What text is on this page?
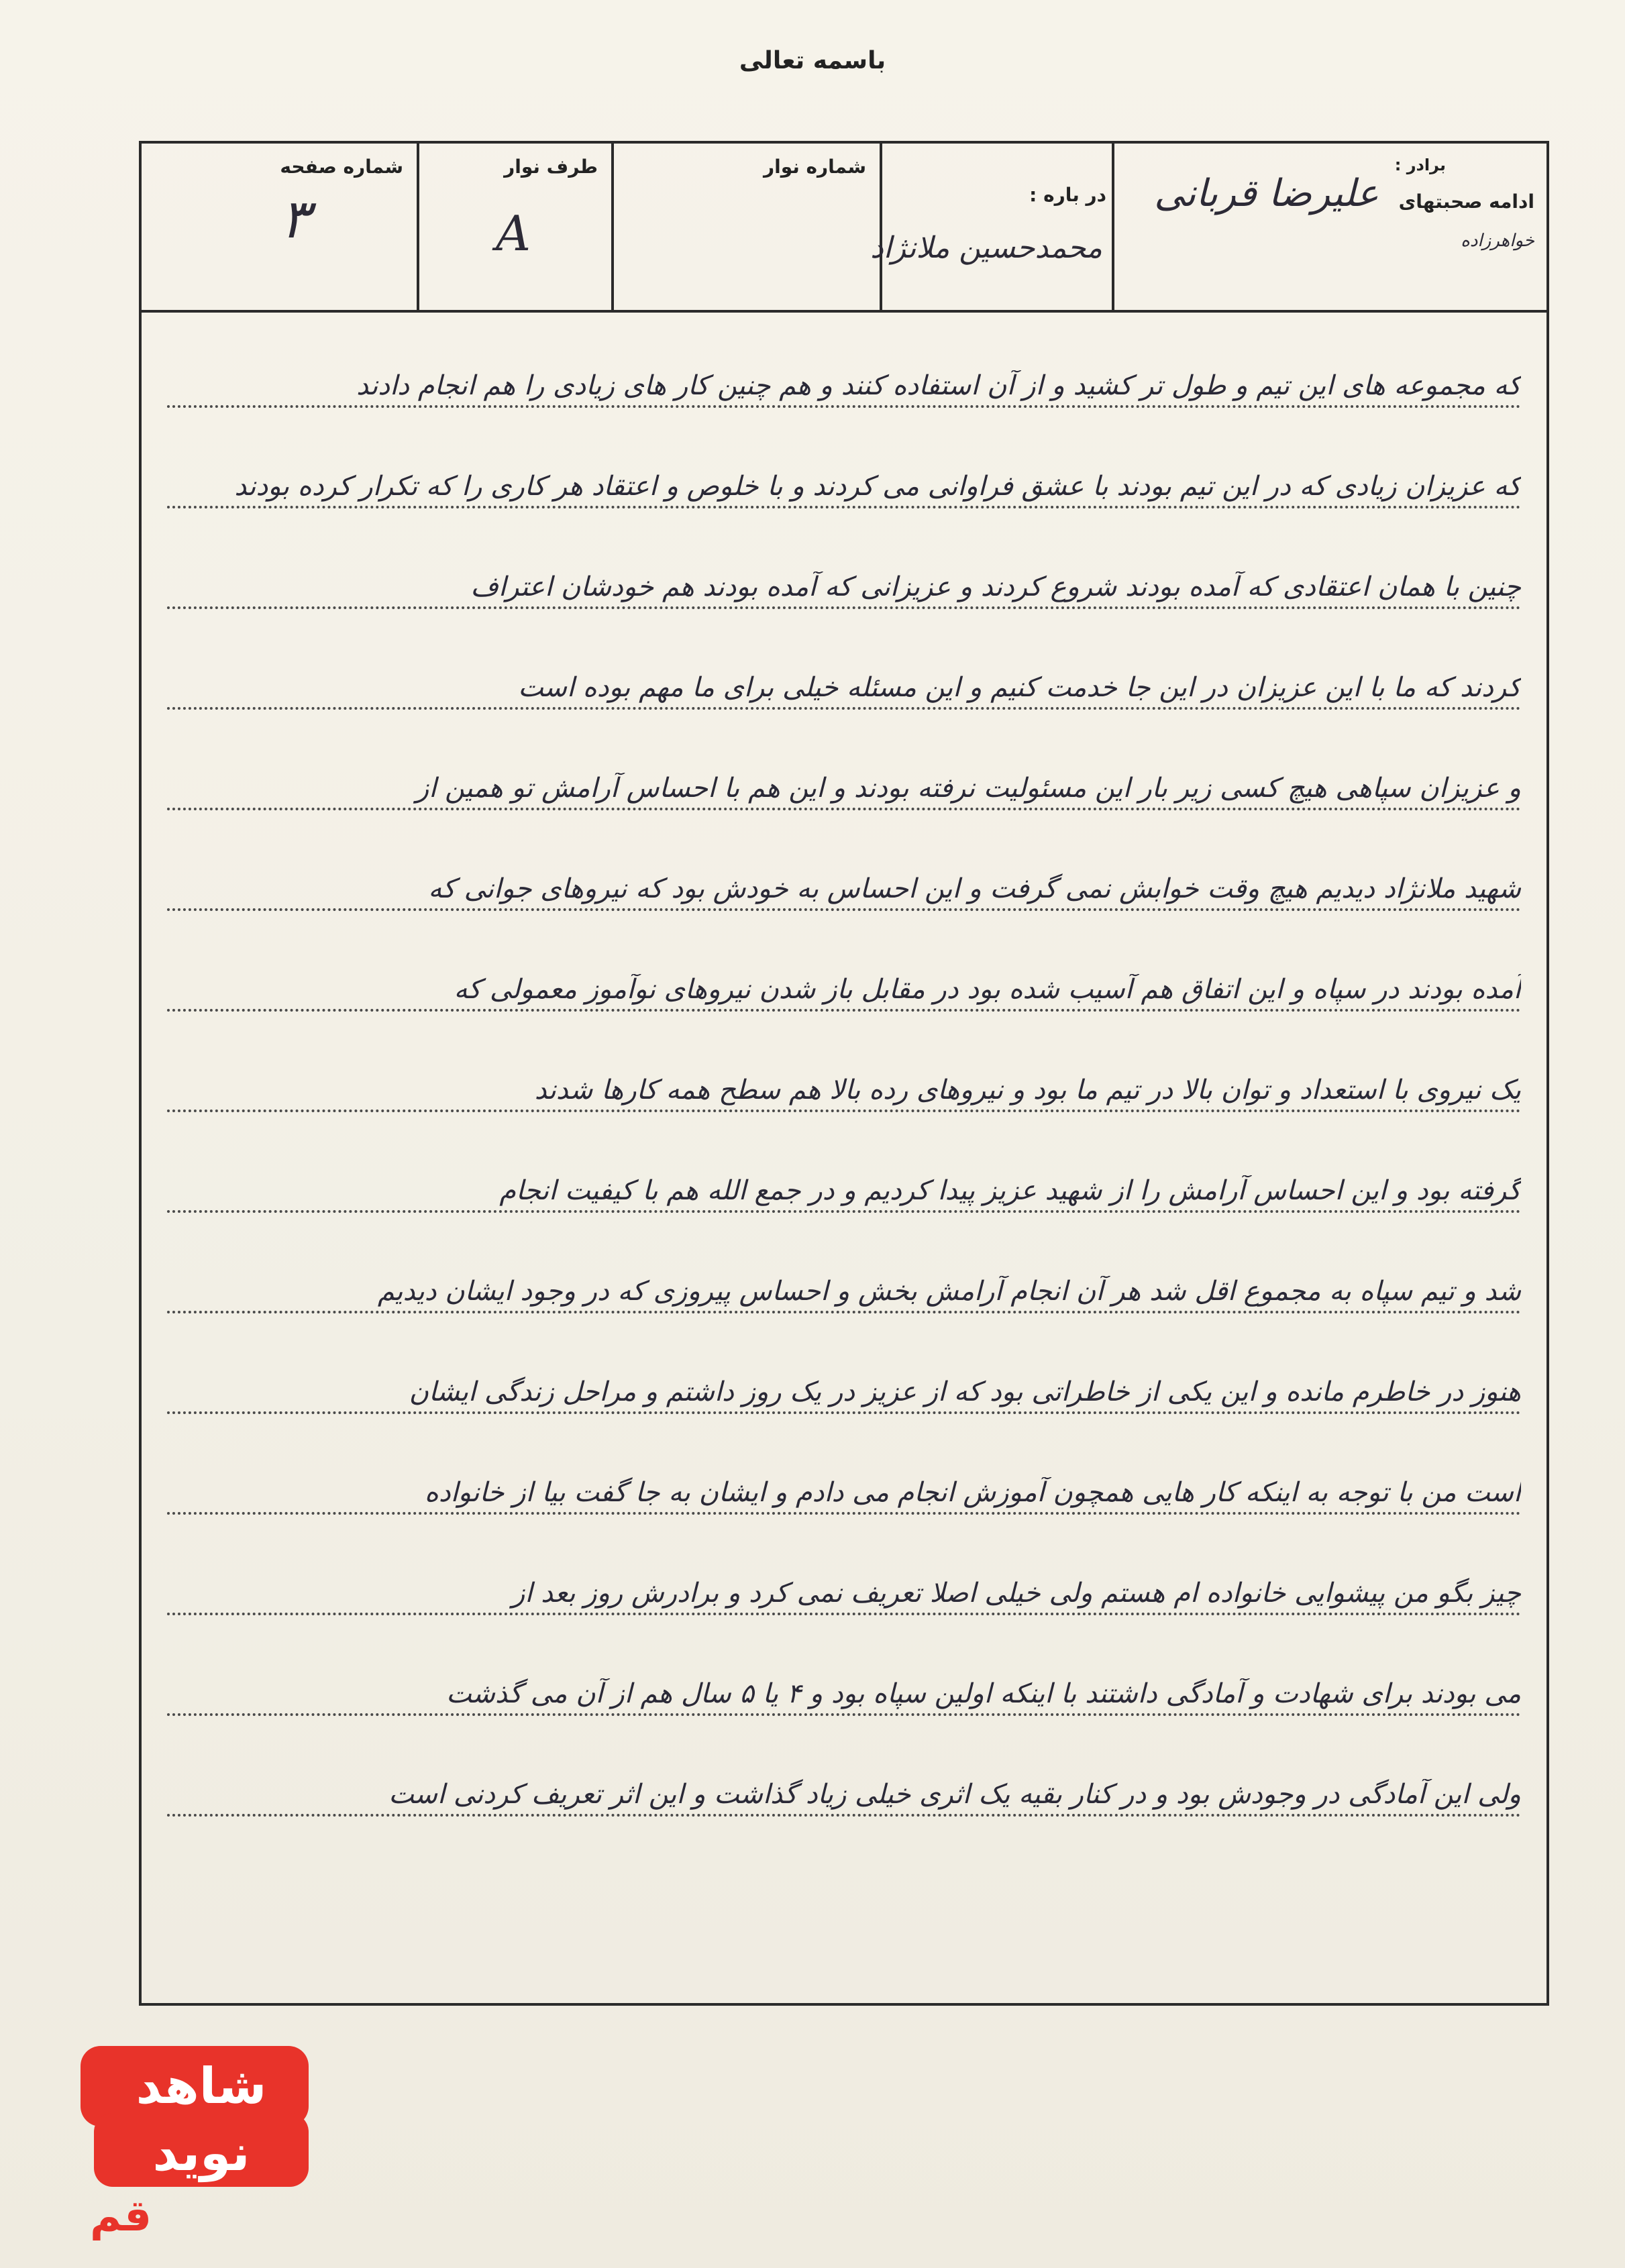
باسمه تعالی
برادر :
ادامه صحبتهای
علیرضا قربانی
خواهرزاده
در باره :
محمدحسین ملانژاد
شماره نوار
طرف نوار
A
شماره صفحه
۳
که مجموعه های این تیم و طول تر کشید و از آن استفاده کنند و هم چنین کار های زیادی را هم انجام دادند
که عزیزان زیادی که در این تیم بودند با عشق فراوانی می کردند و با خلوص و اعتقاد هر کاری را که تکرار کرده بودند
چنین با همان اعتقادی که آمده بودند شروع کردند و عزیزانی که آمده بودند هم خودشان اعتراف
کردند که ما با این عزیزان در این جا خدمت کنیم و این مسئله خیلی برای ما مهم بوده است
و عزیزان سپاهی هیچ کسی زیر بار این مسئولیت نرفته بودند و این هم با احساس آرامش تو همین از
شهید ملانژاد دیدیم هیچ وقت خوابش نمی گرفت و این احساس به خودش بود که نیروهای جوانی که
آمده بودند در سپاه و این اتفاق هم آسیب شده بود در مقابل باز شدن نیروهای نوآموز معمولی که
یک نیروی با استعداد و توان بالا در تیم ما بود و نیروهای رده بالا هم سطح همه کارها شدند
گرفته بود و این احساس آرامش را از شهید عزیز پیدا کردیم و در جمع الله هم با کیفیت انجام
شد و تیم سپاه به مجموع اقل شد هر آن انجام آرامش بخش و احساس پیروزی که در وجود ایشان دیدیم
هنوز در خاطرم مانده و این یکی از خاطراتی بود که از عزیز در یک روز داشتم و مراحل زندگی ایشان
است من با توجه به اینکه کار هایی همچون آموزش انجام می دادم و ایشان به جا گفت بیا از خانواده
چیز بگو من پیشوایی خانواده ام هستم ولی خیلی اصلا تعریف نمی کرد و برادرش روز بعد از
می بودند برای شهادت و آمادگی داشتند با اینکه اولین سپاه بود و ۴ یا ۵ سال هم از آن می گذشت
ولی این آمادگی در وجودش بود و در کنار بقیه یک اثری خیلی زیاد گذاشت و این اثر تعریف کردنی است
شاهد
نوید
قم
